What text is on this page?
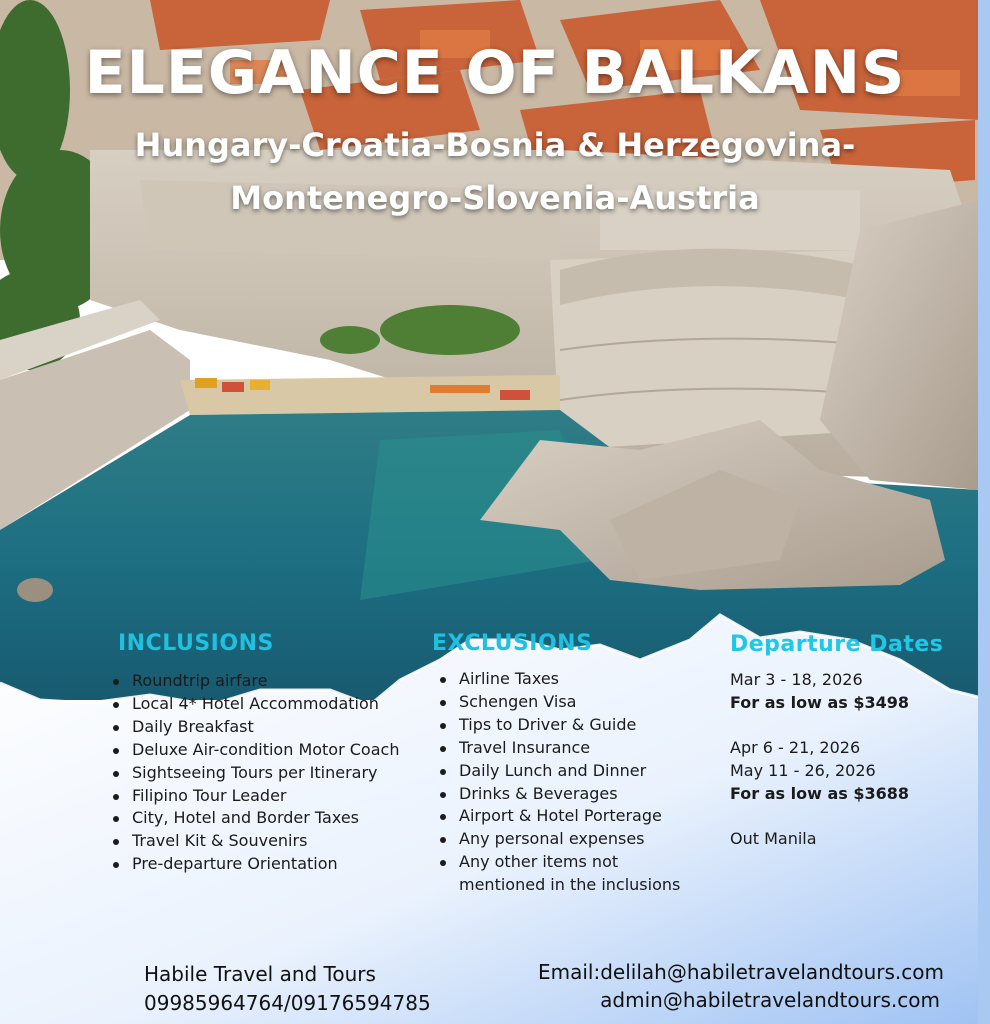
ELEGANCE OF BALKANS
Hungary-Croatia-Bosnia & Herzegovina-
Montenegro-Slovenia-Austria
INCLUSIONS
Roundtrip airfare
Local 4* Hotel Accommodation
Daily Breakfast
Deluxe Air-condition Motor Coach
Sightseeing Tours per Itinerary
Filipino Tour Leader
City, Hotel and Border Taxes
Travel Kit & Souvenirs
Pre-departure Orientation
EXCLUSIONS
Airline Taxes
Schengen Visa
Tips to Driver & Guide
Travel Insurance
Daily Lunch and Dinner
Drinks & Beverages
Airport & Hotel Porterage
Any personal expenses
Any other items not mentioned in the inclusions
Departure Dates
Mar 3 - 18, 2026
For as low as $3498
Apr 6 - 21, 2026
May 11 - 26, 2026
For as low as $3688
Out Manila
Habile Travel and Tours
09985964764/09176594785
Email:delilah@habiletravelandtours.com
admin@habiletravelandtours.com
